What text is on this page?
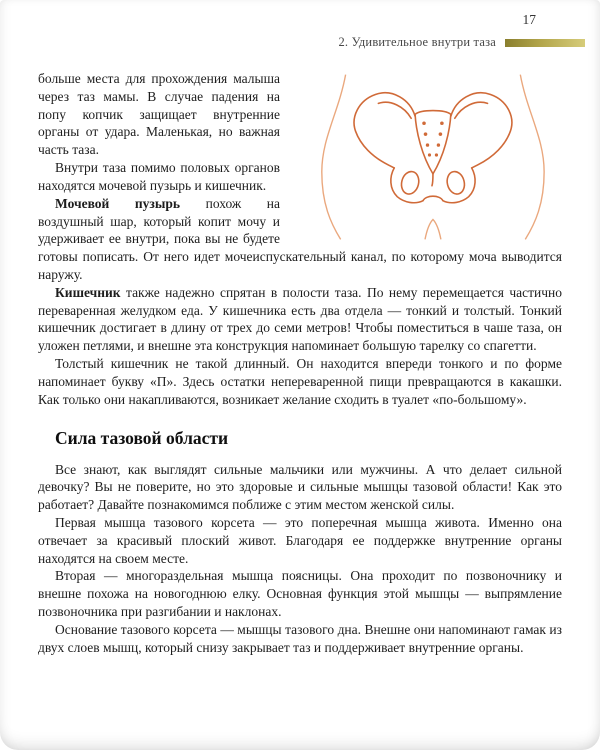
17
2. Удивительное внутри таза

больше места для прохождения малыша через таз мамы. В случае падения на попу копчик защищает внутренние органы от удара. Маленькая, но важная часть таза.

Внутри таза помимо половых органов находятся мочевой пузырь и кишечник.

Мочевой пузырь похож на воздушный шар, который копит мочу и удерживает ее внутри, пока вы не будете готовы пописать. От него идет мочеиспускательный канал, по которому моча выводится наружу.

Кишечник также надежно спрятан в полости таза. По нему перемещается частично переваренная желудком еда. У кишечника есть два отдела — тонкий и толстый. Тонкий кишечник достигает в длину от трех до семи метров! Чтобы поместиться в чаше таза, он уложен петлями, и внешне эта конструкция напоминает большую тарелку со спагетти.

Толстый кишечник не такой длинный. Он находится впереди тонкого и по форме напоминает букву «П». Здесь остатки непереваренной пищи превращаются в какашки. Как только они накапливаются, возникает желание сходить в туалет «по-большому».

Сила тазовой области

Все знают, как выглядят сильные мальчики или мужчины. А что делает сильной девочку? Вы не поверите, но это здоровые и сильные мышцы тазовой области! Как это работает? Давайте познакомимся поближе с этим местом женской силы.

Первая мышца тазового корсета — это поперечная мышца живота. Именно она отвечает за красивый плоский живот. Благодаря ее поддержке внутренние органы находятся на своем месте.

Вторая — многораздельная мышца поясницы. Она проходит по позвоночнику и внешне похожа на новогоднюю елку. Основная функция этой мышцы — выпрямление позвоночника при разгибании и наклонах.

Основание тазового корсета — мышцы тазового дна. Внешне они напоминают гамак из двух слоев мышц, который снизу закрывает таз и поддерживает внутренние органы.
